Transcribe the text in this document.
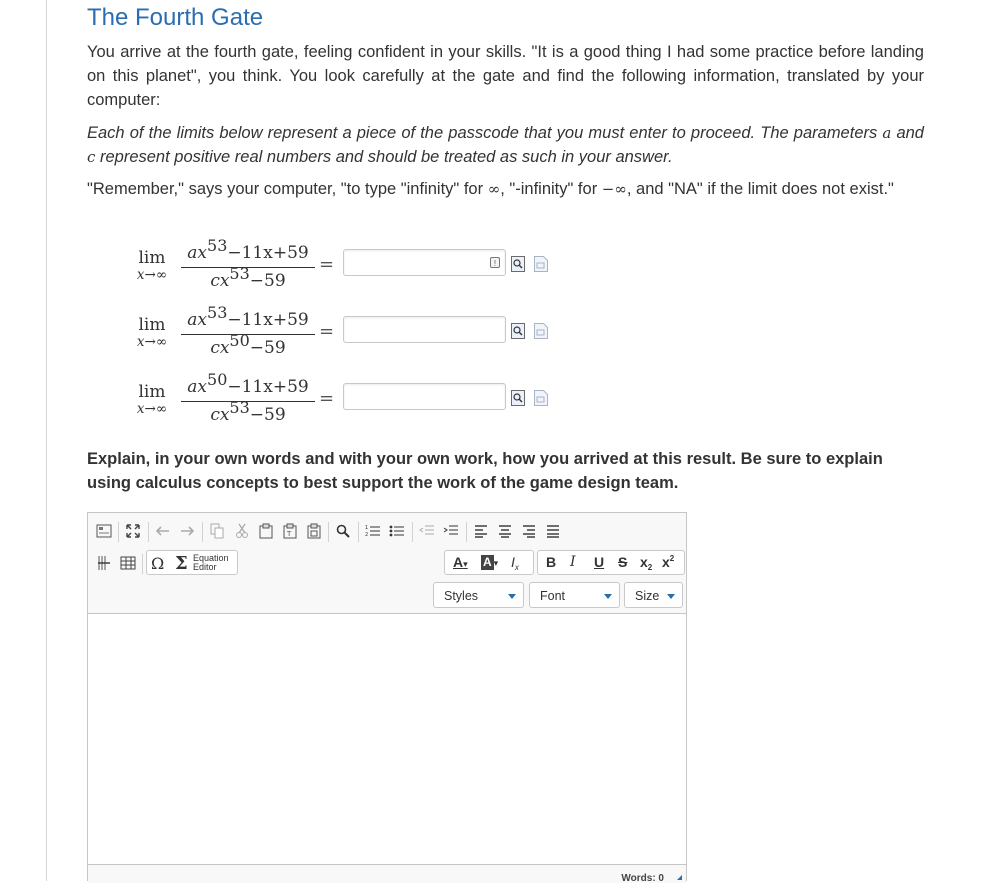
The Fourth Gate
You arrive at the fourth gate, feeling confident in your skills. "It is a good thing I had some practice before landing on this planet", you think. You look carefully at the gate and find the following information, translated by your computer:
Each of the limits below represent a piece of the passcode that you must enter to proceed. The parameters a and c represent positive real numbers and should be treated as such in your answer.
"Remember," says your computer, "to type "infinity" for ∞, "-infinity" for −∞, and "NA" if the limit does not exist."
lim
$x\to\infty \frac{ax^{53}-11x+59}{cx^{53}-59}$ =	!
lim
$x\to\infty \frac{ax^{53}-11x+59}{cx^{50}-59}$ =
lim
$x\to\infty \frac{ax^{50}-11x+59}{cx^{53}-59}$ =
Explain, in your own words and with your own work, how you arrived at this result. Be sure to explain using calculus concepts to best support the work of the game design team.
T
1
2
Ω Σ Equation
Editor	A▾ A ▾ $I_x$ B I U S $x_2$ $x^2$
Styles	Font	Size
Words: 0
